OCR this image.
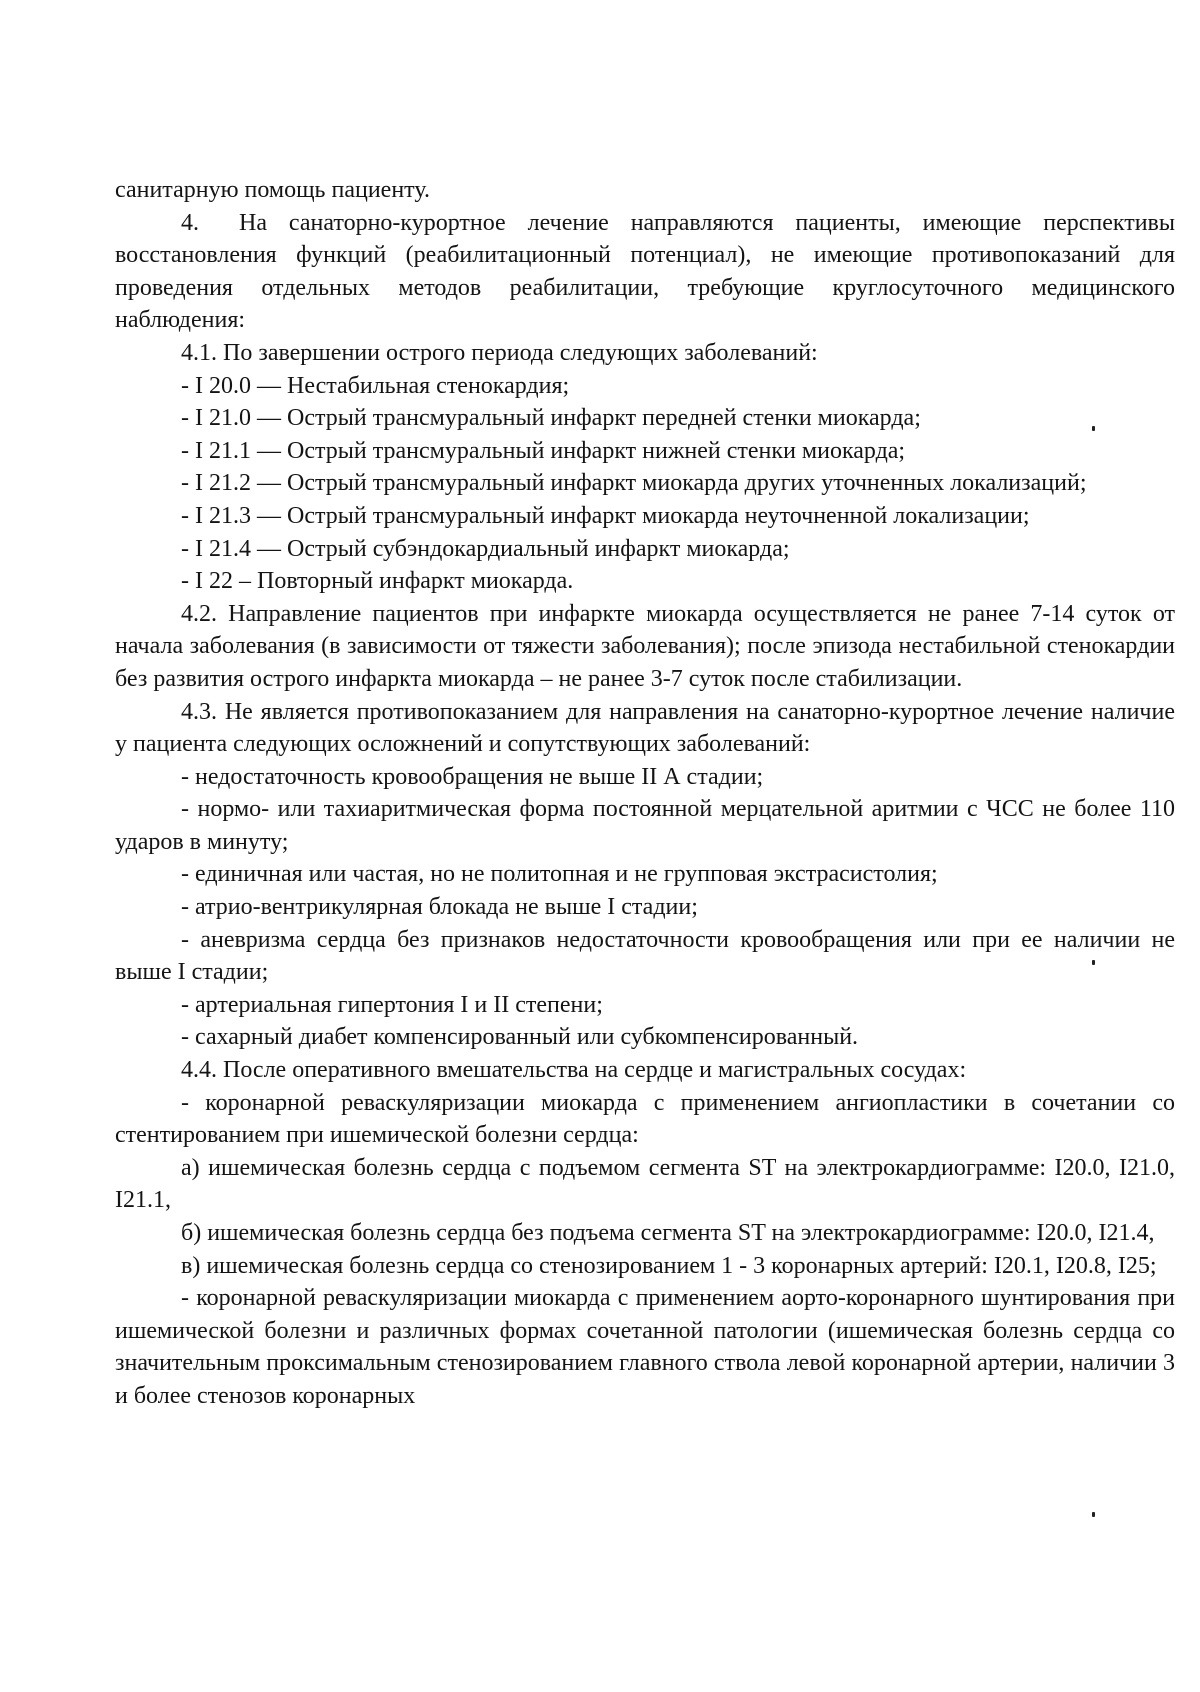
санитарную помощь пациенту.

4. На санаторно-курортное лечение направляются пациенты, имеющие перспективы восстановления функций (реабилитационный потенциал), не имеющие противопоказаний для проведения отдельных методов реабилитации, требующие круглосуточного медицинского наблюдения:

4.1. По завершении острого периода следующих заболеваний:

- I 20.0 — Нестабильная стенокардия;

- I 21.0 — Острый трансмуральный инфаркт передней стенки миокарда;

- I 21.1 — Острый трансмуральный инфаркт нижней стенки миокарда;

- I 21.2 — Острый трансмуральный инфаркт миокарда других уточненных локализаций;

- I 21.3 — Острый трансмуральный инфаркт миокарда неуточненной локализации;

- I 21.4 — Острый субэндокардиальный инфаркт миокарда;

- I 22 – Повторный инфаркт миокарда.

4.2. Направление пациентов при инфаркте миокарда осуществляется не ранее 7-14 суток от начала заболевания (в зависимости от тяжести заболевания); после эпизода нестабильной стенокардии без развития острого инфаркта миокарда – не ранее 3-7 суток после стабилизации.

4.3. Не является противопоказанием для направления на санаторно-курортное лечение наличие у пациента следующих осложнений и сопутствующих заболеваний:

- недостаточность кровообращения не выше II А стадии;

- нормо- или тахиаритмическая форма постоянной мерцательной аритмии с ЧСС не более 110 ударов в минуту;

- единичная или частая, но не политопная и не групповая экстрасистолия;

- атрио-вентрикулярная блокада не выше I стадии;

- аневризма сердца без признаков недостаточности кровообращения или при ее наличии не выше I стадии;

- артериальная гипертония I и II степени;

- сахарный диабет компенсированный или субкомпенсированный.

4.4. После оперативного вмешательства на сердце и магистральных сосудах:

- коронарной реваскуляризации миокарда с применением ангиопластики в сочетании со стентированием при ишемической болезни сердца:

а) ишемическая болезнь сердца с подъемом сегмента ST на электрокардиограмме: I20.0, I21.0, I21.1,

б) ишемическая болезнь сердца без подъема сегмента ST на электрокардиограмме: I20.0, I21.4,

в) ишемическая болезнь сердца со стенозированием 1 - 3 коронарных артерий: I20.1, I20.8, I25;

- коронарной реваскуляризации миокарда с применением аорто-коронарного шунтирования при ишемической болезни и различных формах сочетанной патологии (ишемическая болезнь сердца со значительным проксимальным стенозированием главного ствола левой коронарной артерии, наличии 3 и более стенозов коронарных
